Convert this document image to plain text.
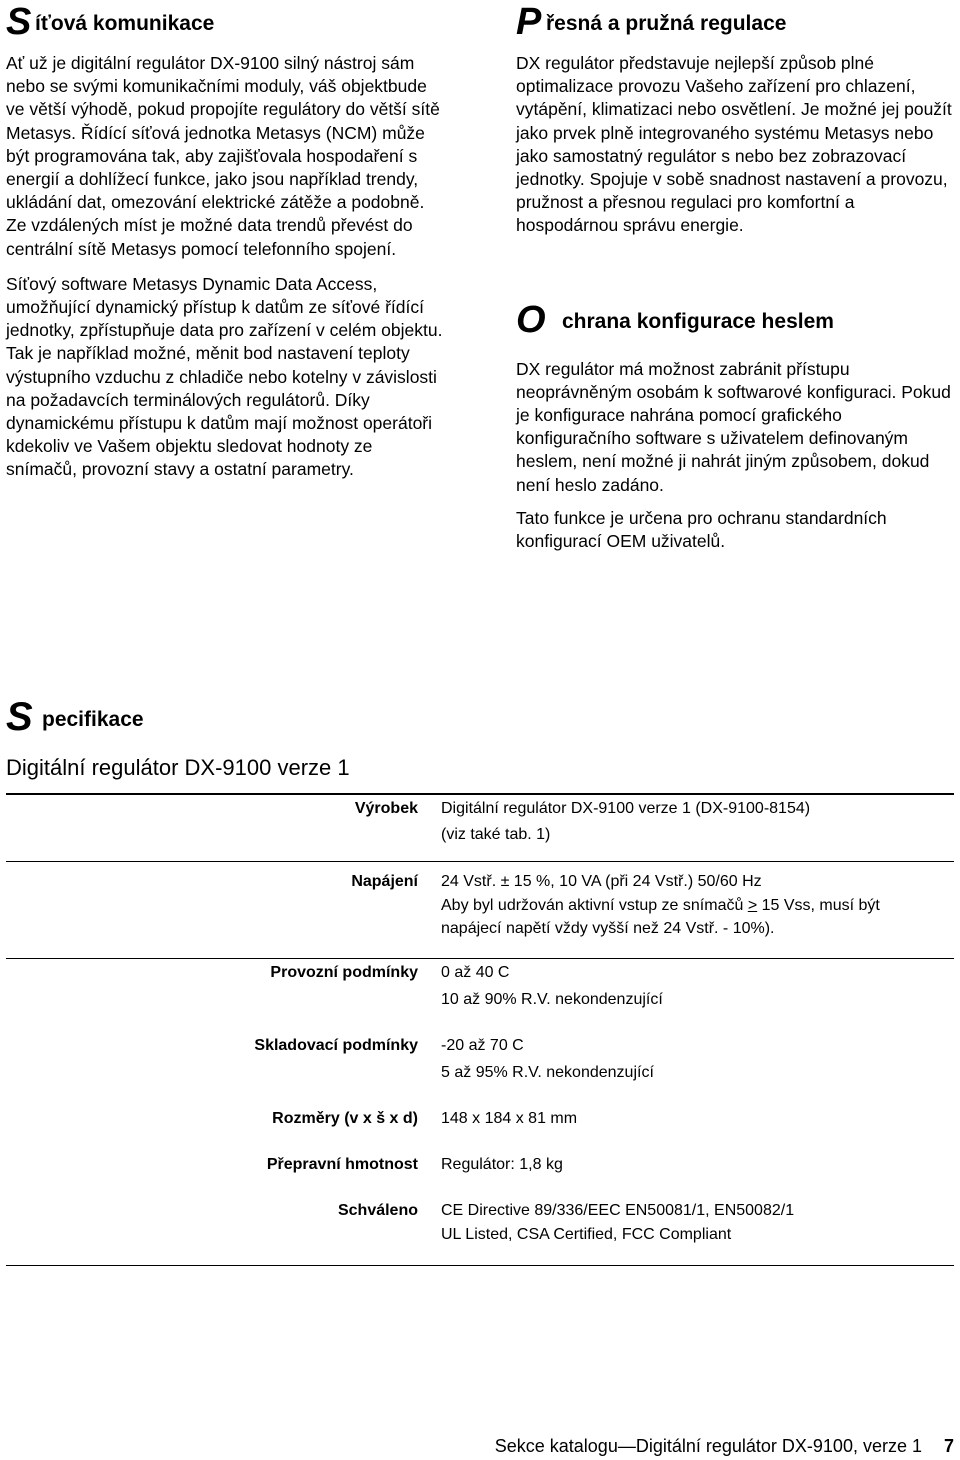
S íťová komunikace

Ať už je digitální regulátor DX-9100 silný nástroj sám nebo se svými komunikačními moduly, váš objektbude ve větší výhodě, pokud propojíte regulátory do větší sítě Metasys. Řídící síťová jednotka Metasys (NCM) může být programována tak, aby zajišťovala hospodaření s energií a dohlížecí funkce, jako jsou například trendy, ukládání dat, omezování elektrické zátěže a podobně. Ze vzdálených míst je možné data trendů převést do centrální sítě Metasys pomocí telefonního spojení.

Síťový software Metasys Dynamic Data Access, umožňující dynamický přístup k datům ze síťové řídící jednotky, zpřístupňuje data pro zařízení v celém objektu. Tak je například možné, měnit bod nastavení teploty výstupního vzduchu z chladiče nebo kotelny v závislosti na požadavcích terminálových regulátorů. Díky dynamickému přístupu k datům mají možnost operátoři kdekoliv ve Vašem objektu sledovat hodnoty ze snímačů, provozní stavy a ostatní parametry.

P řesná a pružná regulace

DX regulátor představuje nejlepší způsob plné optimalizace provozu Vašeho zařízení pro chlazení, vytápění, klimatizaci nebo osvětlení. Je možné jej použít jako prvek plně integrovaného systému Metasys nebo jako samostatný regulátor s nebo bez zobrazovací jednotky. Spojuje v sobě snadnost nastavení a provozu, pružnost a přesnou regulaci pro komfortní a hospodárnou správu energie.

O chrana konfigurace heslem

DX regulátor má možnost zabránit přístupu neoprávněným osobám k softwarové konfiguraci. Pokud je konfigurace nahrána pomocí grafického konfiguračního software s uživatelem definovaným heslem, není možné ji nahrát jiným způsobem, dokud není heslo zadáno.

Tato funkce je určena pro ochranu standardních konfigurací OEM uživatelů.

S pecifikace
Digitální regulátor DX-9100 verze 1
Výrobek Digitální regulátor DX-9100 verze 1 (DX-9100-8154)
(viz také tab. 1)
Napájení 24 Vstř. ± 15 %, 10 VA (při 24 Vstř.) 50/60 Hz
Aby byl udržován aktivní vstup ze snímačů ≥ 15 Vss, musí být
napájecí napětí vždy vyšší než 24 Vstř. - 10%).
Provozní podmínky 0 až 40 C
10 až 90% R.V. nekondenzující
Skladovací podmínky -20 až 70 C
5 až 95% R.V. nekondenzující
Rozměry (v x š x d) 148 x 184 x 81 mm
Přepravní hmotnost Regulátor: 1,8 kg
Schváleno CE Directive 89/336/EEC EN50081/1, EN50082/1
UL Listed, CSA Certified, FCC Compliant
Sekce katalogu—Digitální regulátor DX-9100, verze 1 7
